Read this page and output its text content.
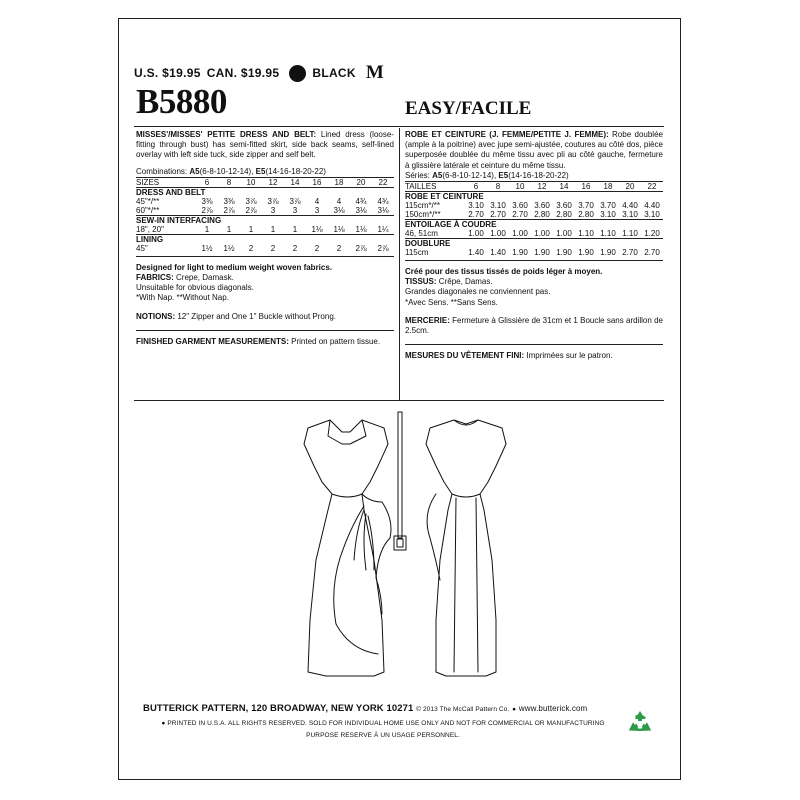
U.S. $19.95 CAN. $19.95	BLACK M
B5880	EASY/FACILE
MISSES'/MISSES' PETITE DRESS AND BELT: Lined dress (loose-fitting through bust) has semi-fitted skirt, side back seams, self-lined overlay with left side tuck, side zipper and self belt.
Combinations: A5(6-8-10-12-14), E5(14-16-18-20-22)
SIZES	6	8	10	12	14	16	18	20	22
DRESS AND BELT									
45"*/**	3⅜	3⅜	3⅞	3⅞	3⅞	4	4	4¾	4¾
60"*/**	2⅞	2⅞	2⅞	3	3	3	3⅛	3⅛	3⅛
SEW-IN INTERFACING									
18", 20"	1	1	1	1	1	1⅛	1⅛	1⅛	1¼
LINING									
45"	1½	1½	2	2	2	2	2	2⅞	2⅞
Designed for light to medium weight woven fabrics.
FABRICS: Crepe, Damask.
Unsuitable for obvious diagonals.
*With Nap. **Without Nap.
NOTIONS: 12" Zipper and One 1" Buckle without Prong.
FINISHED GARMENT MEASUREMENTS: Printed on pattern tissue.
ROBE ET CEINTURE (J. FEMME/PETITE J. FEMME): Robe doublée (ample à la poitrine) avec jupe semi-ajustée, coutures au côté dos, pièce superposée doublée du même tissu avec pli au côté gauche, fermeture à glissière latérale et ceinture du même tissu.
Séries: A5(6-8-10-12-14), E5(14-16-18-20-22)
TAILLES	6	8	10	12	14	16	18	20	22
ROBE ET CEINTURE									
115cm*/**	3.10	3.10	3.60	3.60	3.60	3.70	3.70	4.40	4.40
150cm*/**	2.70	2.70	2.70	2.80	2.80	2.80	3.10	3.10	3.10
ENTOILAGE À COUDRE									
46, 51cm	1.00	1.00	1.00	1.00	1.00	1.10	1.10	1.10	1.20
DOUBLURE									
115cm	1.40	1.40	1.90	1.90	1.90	1.90	1.90	2.70	2.70
Créé pour des tissus tissés de poids léger à moyen.
TISSUS: Crêpe, Damas.
Grandes diagonales ne conviennent pas.
*Avec Sens. **Sans Sens.
MERCERIE: Fermeture à Glissière de 31cm et 1 Boucle sans ardillon de 2.5cm.
MESURES DU VÊTEMENT FINI: Imprimées sur le patron.
BUTTERICK PATTERN, 120 BROADWAY, NEW YORK 10271 © 2013 The McCall Pattern Co. ● www.butterick.com
● PRINTED IN U.S.A. ALL RIGHTS RESERVED. SOLD FOR INDIVIDUAL HOME USE ONLY AND NOT FOR COMMERCIAL OR MANUFACTURING
PURPOSE RESERVE À UN USAGE PERSONNEL.
